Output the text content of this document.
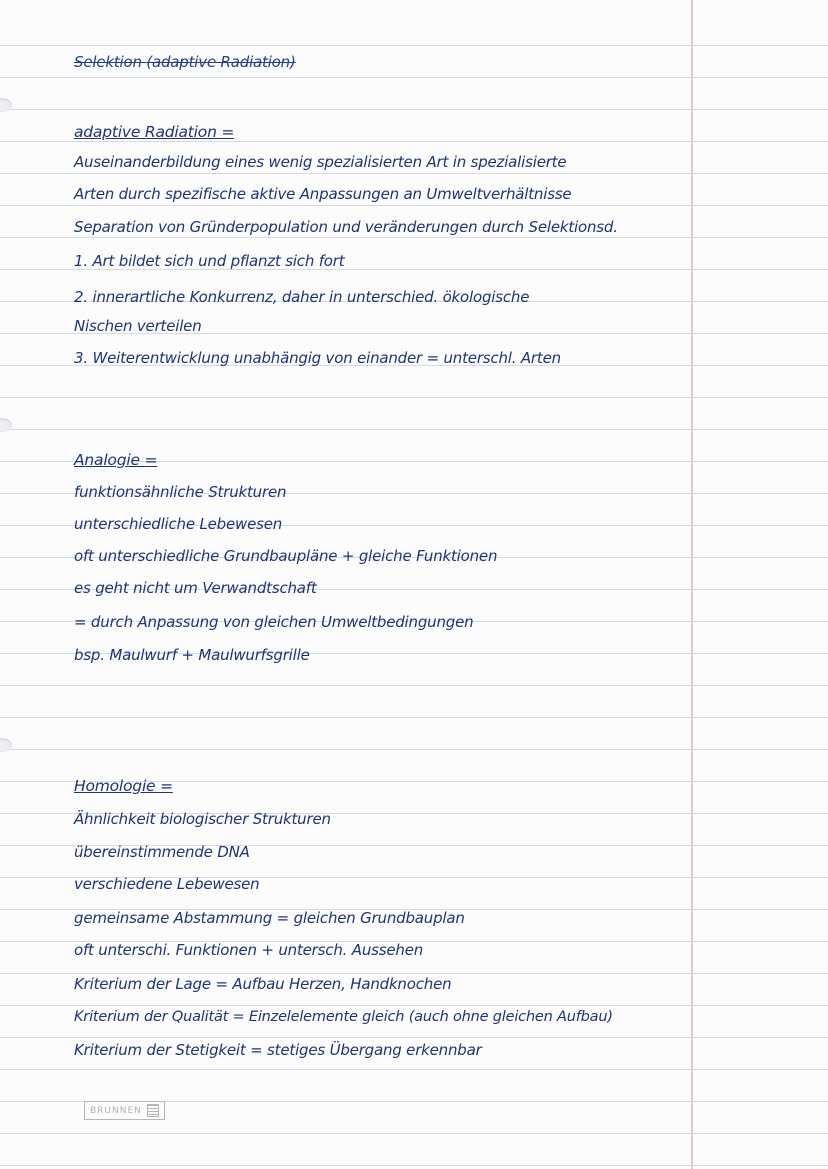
Selektion (adaptive Radiation)
adaptive Radiation =
Auseinanderbildung eines wenig spezialisierten Art in spezialisierte
Arten durch spezifische aktive Anpassungen an Umweltverhältnisse
Separation von Gründerpopulation und veränderungen durch Selektionsd.
1. Art bildet sich und pflanzt sich fort
2. innerartliche Konkurrenz, daher in unterschied. ökologische
Nischen verteilen
3. Weiterentwicklung unabhängig von einander = unterschl. Arten
Analogie =
funktionsähnliche Strukturen
unterschiedliche Lebewesen
oft unterschiedliche Grundbaupläne + gleiche Funktionen
es geht nicht um Verwandtschaft
= durch Anpassung von gleichen Umweltbedingungen
bsp. Maulwurf + Maulwurfsgrille
Homologie =
Ähnlichkeit biologischer Strukturen
übereinstimmende DNA
verschiedene Lebewesen
gemeinsame Abstammung = gleichen Grundbauplan
oft unterschi. Funktionen + untersch. Aussehen
Kriterium der Lage = Aufbau Herzen, Handknochen
Kriterium der Qualität = Einzelelemente gleich (auch ohne gleichen Aufbau)
Kriterium der Stetigkeit = stetiges Übergang erkennbar
BRUNNEN
